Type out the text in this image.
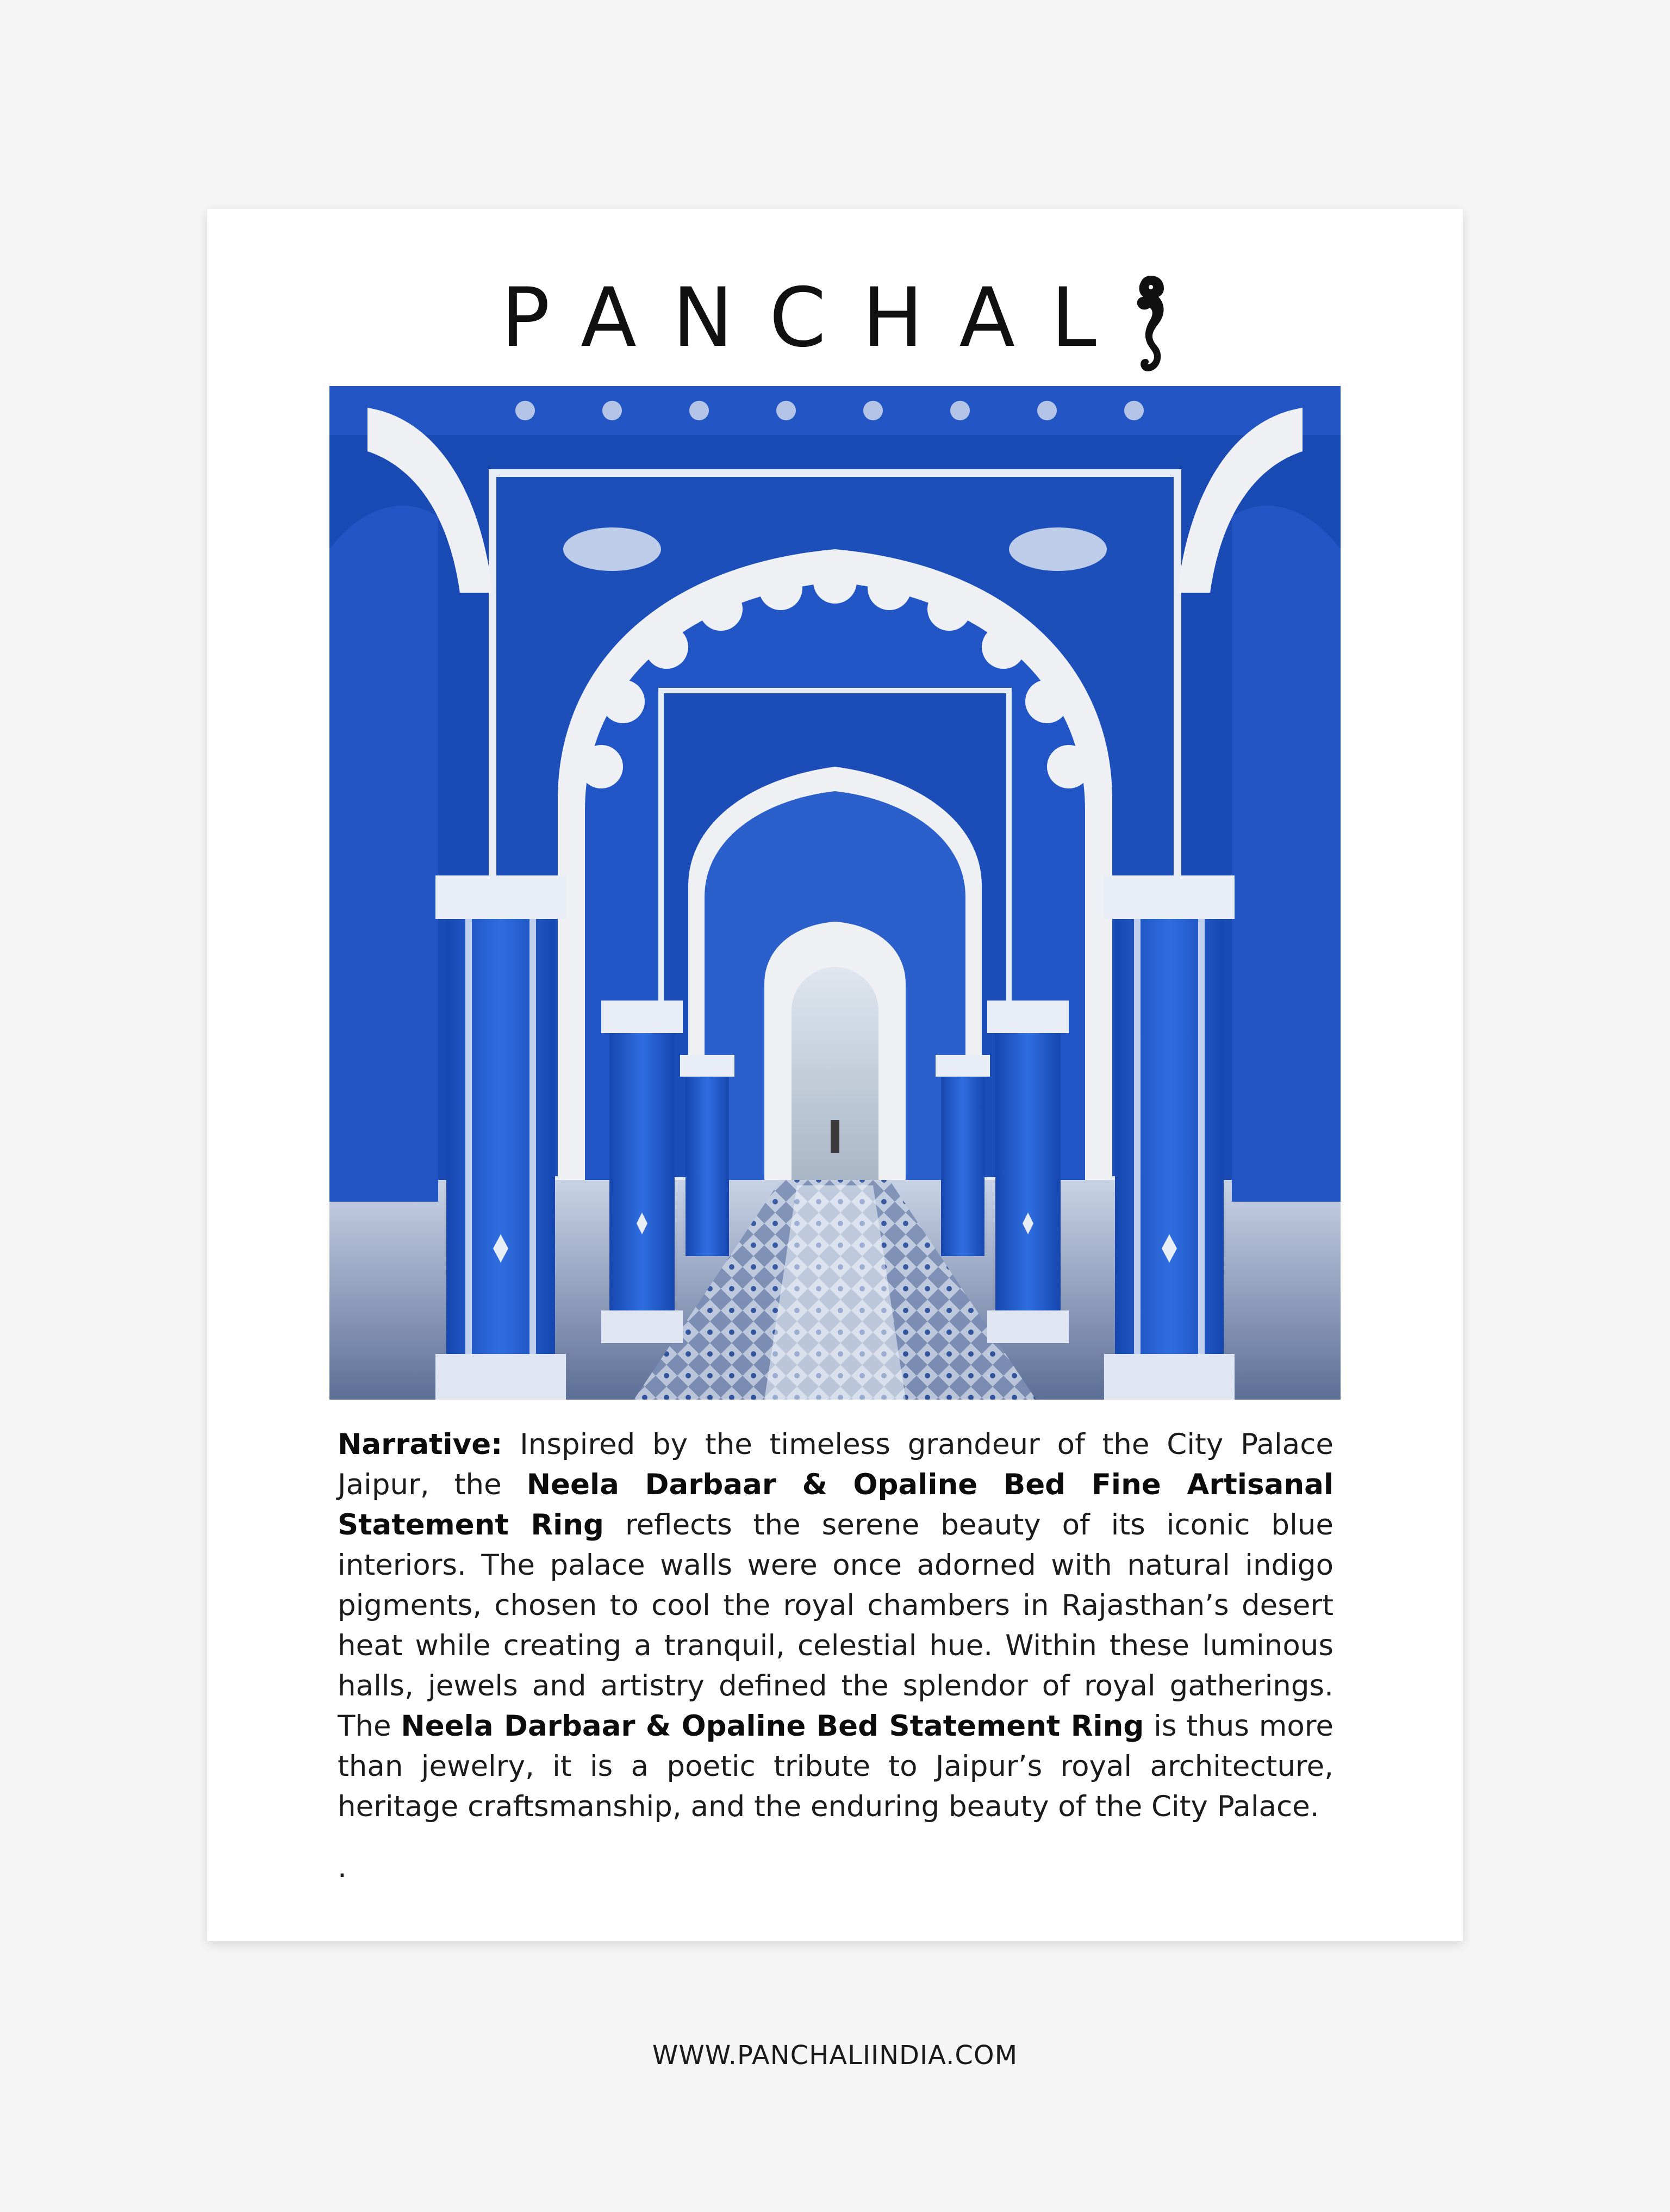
PANCHAL

Narrative: Inspired by the timeless grandeur of the City Palace Jaipur, the Neela Darbaar & Opaline Bed Fine Artisanal Statement Ring reflects the serene beauty of its iconic blue interiors. The palace walls were once adorned with natural indigo pigments, chosen to cool the royal chambers in Rajasthan’s desert heat while creating a tranquil, celestial hue. Within these luminous halls, jewels and artistry defined the splendor of royal gatherings. The Neela Darbaar & Opaline Bed Statement Ring is thus more than jewelry, it is a poetic tribute to Jaipur’s royal architecture, heritage craftsmanship, and the enduring beauty of the City Palace.

.

WWW.PANCHALIINDIA.COM
